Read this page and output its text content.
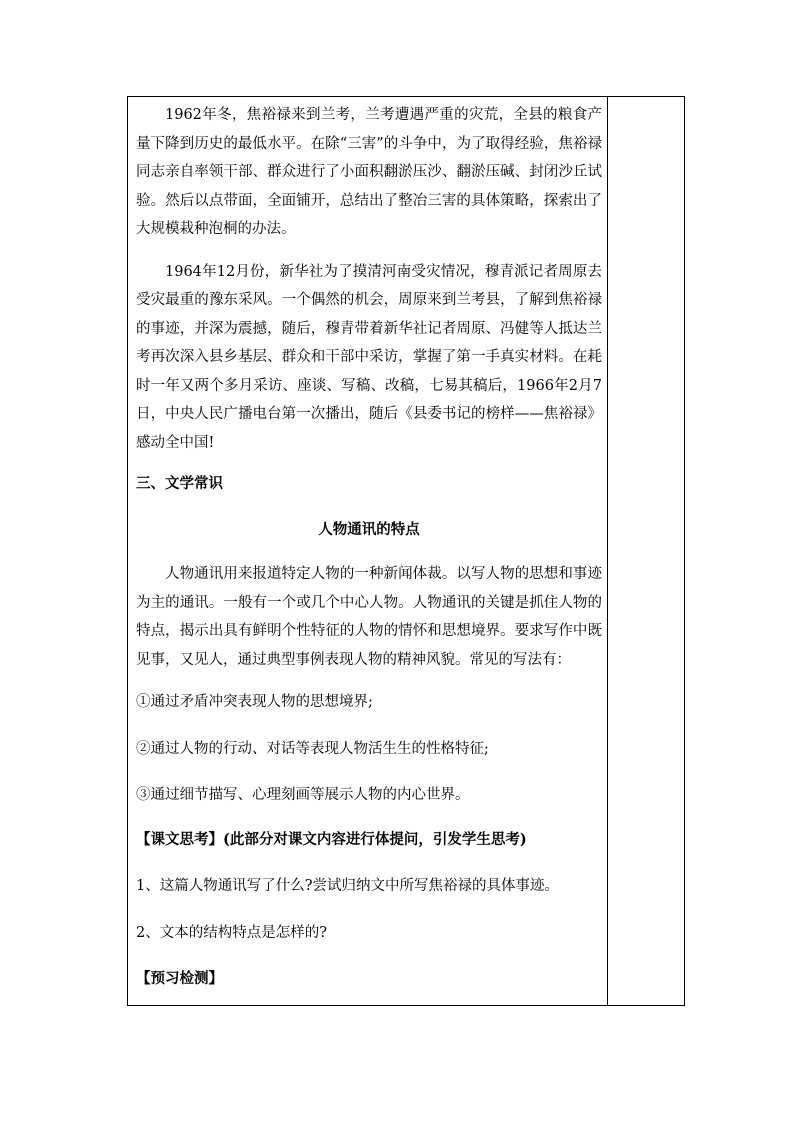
1962年冬，焦裕禄来到兰考，兰考遭遇严重的灾荒，全县的粮食产量下降到历史的最低水平。在除“三害”的斗争中，为了取得经验，焦裕禄同志亲自率领干部、群众进行了小面积翻淤压沙、翻淤压碱、封闭沙丘试验。然后以点带面，全面铺开，总结出了整冶三害的具体策略，探索出了大规模栽种泡桐的办法。

1964年12月份，新华社为了摸清河南受灾情况，穆青派记者周原去受灾最重的豫东采风。一个偶然的机会，周原来到兰考县，了解到焦裕禄的事迹，并深为震撼，随后，穆青带着新华社记者周原、冯健等人抵达兰考再次深入县乡基层、群众和干部中采访，掌握了第一手真实材料。在耗时一年又两个多月采访、座谈、写稿、改稿，七易其稿后，1966年2月7日，中央人民广播电台第一次播出，随后《县委书记的榜样——焦裕禄》感动全中国!

三、文学常识

人物通讯的特点

人物通讯用来报道特定人物的一种新闻体裁。以写人物的思想和事迹为主的通讯。一般有一个或几个中心人物。人物通讯的关键是抓住人物的特点，揭示出具有鲜明个性特征的人物的情怀和思想境界。要求写作中既见事，又见人，通过典型事例表现人物的精神风貌。常见的写法有：

①通过矛盾冲突表现人物的思想境界;

②通过人物的行动、对话等表现人物活生生的性格特征;

③通过细节描写、心理刻画等展示人物的内心世界。

【课文思考】(此部分对课文内容进行体提问，引发学生思考)

1、这篇人物通讯写了什么?尝试归纳文中所写焦裕禄的具体事迹。

2、文本的结构特点是怎样的?

【预习检测】
